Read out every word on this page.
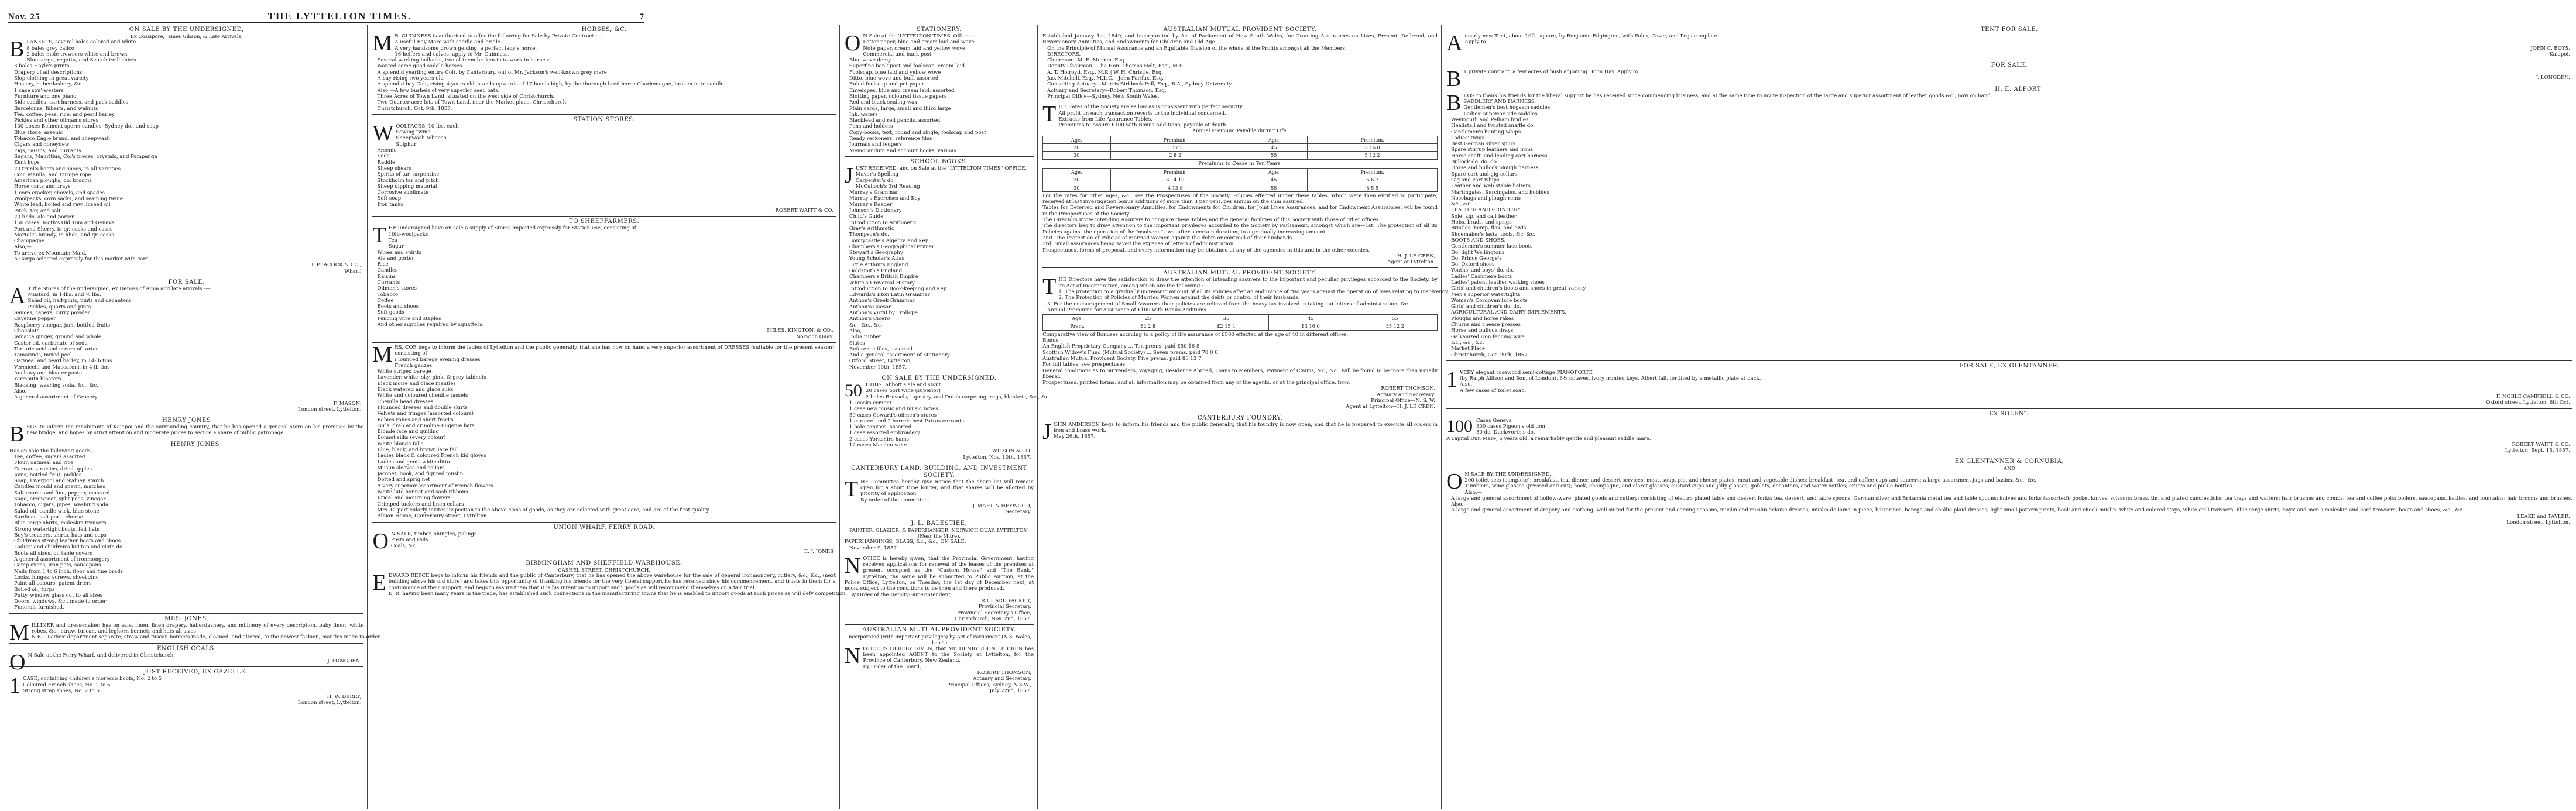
Nov. 25	THE LYTTELTON TIMES.	7
ON SALE BY THE UNDERSIGNED,
Ex Cossipore, James Gibson, & Late Arrivals.
B LANKETS, several bales colored and white
8 bales grey calico
2 bales mole trowsers white and brown
Blue serge, regatta, and Scotch twill shirts
3 bales Hoyle's prints
Drapery of all descriptions
Slop clothing in great variety
Hosiery, haberdashery, &c.
1 case sou'-westers
Furniture and one piano
Side saddles, cart harness, and pack saddles
Barcelonas, filberts, and walnuts
Tea, coffee, peas, rice, and pearl barley
Pickles and other oilman's stores
100 boxes Belmont sperm candles, Sydney do., and soap
Blue stone, arsenic
Tobacco Eagle brand, and sheepwash
Cigars and honeydew
Figs, raisins, and currants
Sugars, Mauritius, Co.'s pieces, crystals, and Pampanga
Kent hops
20 trunks boots and shoes, in all varieties
Coir, Manila, and Europe rope
American ploughs, do. brooms
Horse carts and drays
1 corn cracker, shovels, and spades
Woolpacks, corn sacks, and seaming twine
White lead, boiled and raw linseed oil
Pitch, tar, and salt
20 hhds. ale and porter
150 cases Booth's Old Tom and Geneva
Port and Sherry, in qr.-casks and cases
Martell's brandy, in hhds. and qr. casks
Champagne
Also,—
To arrive ex Mountain Maid.
A Cargo selected expressly for this market with care.
J. T. PEACOCK & CO.,
Wharf.
FOR SALE,
A T the Stores of the undersigned, ex Heroes of Alma and late arrivals :—
Mustard, in 1-lbs. and ½ lbs.
Salad oil, half-pints, pints and decanters
Pickles, quarts and pints
Sauces, capers, curry powder
Cayenne pepper
Raspberry vinegar, jam, bottled fruits
Chocolate
Jamaica ginger, ground and whole
Castor oil, carbonate of soda
Tartaric acid and cream of tartar
Tamarinds, mixed peel
Oatmeal and pearl barley, in 14-lb tins
Vermicelli and Maccaroni, in 4-lb tins
Anchovy and bloater paste
Yarmouth bloaters
Blacking, washing soda, &c., &c.
Also,
A general assortment of Grocery.
F. MASON.
London street, Lyttelton.
HENRY JONES
B EGS to inform the inhabitants of Kaiapoi and the surrounding country, that he has opened a general store on his premises by the new bridge, and hopes by strict attention and moderate prices to secure a share of public patronage.
HENRY JONES
Has on sale the following goods,—
Tea, coffee, sugars assorted
Flour, oatmeal and rice
Currants, raisins, dried apples
Jams, bottled fruit, pickles
Soap, Liverpool and Sydney, starch
Candles mould and sperm, matches
Salt coarse and fine, pepper, mustard
Sago, arrowroot, split peas, vinegar
Tobacco, cigars, pipes, washing soda
Salad oil, candle wick, blue stone
Sardines, salt pork, cheese
Blue serge shirts, moleskin trousers
Strong watertight boots, felt hats
Boy's trousers, shirts, hats and caps
Children's strong leather boots and shoes
Ladies' and children's kid top and cloth do.
Boots all sizes, oil table covers
A general assortment of ironmongery
Camp ovens, iron pots, saucepans
Nails from 1 to 6 inch, floor and fine brads
Locks, hinges, screws, sheet zinc
Paint all colours, patent driers
Boiled oil, turps
Putty, window glass cut to all sizes
Doors, windows, &c., made to order
Funerals furnished.
MRS. JONES,
M ILLINER and dress-maker, has on sale, linen, linen drapery, haberdashery, and millinery of every description, baby linen, white robes, &c., straw, tuscan, and leghorn bonnets and hats all sizes
N.B.—Ladies' department separate; straw and tuscan bonnets made, cleaned, and altered, to the newest fashion, mantles made to order.
ENGLISH COALS.
O N Sale at the Ferry Wharf, and delivered in Christchurch.
J. LONGDEN.
JUST RECEIVED, EX GAZELLE.
1 CASE, containing children's morocco boots, No. 2 to 5
Coloured French shoes, No. 2 to 6
Strong strap shoes, No. 2 to 6.
H. W. DERRY,
London street, Lyttelton.
HORSES, &C.
M R. GUINNESS is authorised to offer the following for Sale by Private Contract :—
A useful Bay Mare with saddle and bridle.
A very handsome brown gelding, a perfect lady's horse.
16 heifers and calves, apply to Mr. Guinness.
Several working bullocks, two of them broken-in to work in harness.
Wanted some good saddle horses.
A splendid yearling entire Colt, by Canterbury, out of Mr. Jackson's well-known grey mare
A bay rising two years old
A splendid bay Colt, rising 4 years old, stands upwards of 17 hands high, by the thorough bred horse Charlemagne, broken in to saddle
Also,—A few bushels of very superior seed oats.
Three Acres of Town Land, situated on the west side of Christchurch.
Two Quarter-acre lots of Town Land, near the Market-place, Christchurch.
Christchurch, Oct. 9th, 1857.
STATION STORES.
W OOLPACKS, 10 lbs. each
Sewing twine
Sheepwash tobacco
Sulphur
Arsenic
Soda
Raddle
Sheep shears
Spirits of tar, turpentine
Stockholm tar and pitch
Sheep dipping material
Corrosive sublimate
Soft soap
Iron tanks
ROBERT WAITT & CO.
TO SHEEPFARMERS.
T HE undersigned have on sale a supply of Stores imported expressly for Station use, consisting of
10lb-woolpacks
Tea
Sugar
Wines and spirits
Ale and porter
Rice
Candles
Raisins
Currants
Oilmen's stores
Tobacco
Coffee
Boots and shoes
Soft goods
Fencing wire and staples
And other supplies required by squatters.
MILES, KINGTON, & CO.,
Norwich Quay.
M RS. COE begs to inform the ladies of Lyttelton and the public generally, that she has now on hand a very superior assortment of DRESSES (suitable for the present season); consisting of
Flounced barege evening dresses
French gauzes
White striped barege
Lavender, white, sky, pink, & grey tabinets
Black moire and glace mantles
Black watered and glace silks
White and coloured chenille tassels
Chenille head dresses
Flounced dresses and double skirts
Velvets and fringes (assorted colours)
Babies robes and short frocks
Girls' drab and crinoline Eugenie hats
Blonde lace and quilling
Bonnet silks (every colour)
White blonde falls
Blue, black, and brown lace fall
Ladies black & coloured French kid gloves
Ladies and gents white ditto
Muslin sleeves and collars
Jaconet, book, and figured muslin
Dotted and sprig net
A very superior assortment of French flowers
White lute bonnet and sash ribbons
Bridal and mourning flowers
Crimped tuckers and linen collars
Mrs. C. particularly invites inspection to the above class of goods, as they are selected with great care, and are of the first quality.
Albion House, Canterbury-street, Lyttelton.
UNION WHARF, FERRY ROAD.
O N SALE, timber, shingles, palings
Posts and rails.
Coals, &c.
E. J. JONES
BIRMINGHAM AND SHEFFIELD WAREHOUSE.
CASHEL STREET, CHRISTCHURCH.
E DWARD REECE begs to inform his friends and the public of Canterbury, that he has opened the above warehouse for the sale of general ironmongery, cutlery, &c., &c., (next building above his old store) and takes this opportunity of thanking his friends for the very liberal support he has received since his commencement, and trusts in them for a continuance of their support; and begs to assure them that it is his intention to import such goods as will recommend themselves on a fair trial.
E. R. having been many years in the trade, has established such connections in the manufacturing towns that he is enabled to import goods at such prices as will defy competition.
STATIONERY.
O N Sale at the 'LYTTELTON TIMES' Office:—
Letter paper, blue and cream laid and wove
Note paper, cream laid and yellow wove
Commercial and bank post
Blue wove demy
Superfine bank post and foolscap, cream laid
Foolscap, blue laid and yellow wove
Ditto, blue wove and buff, assorted
Ruled foolscap and pot paper
Envelopes, blue and cream laid, assorted
Blotting paper, coloured tissue papers
Red and black sealing-wax
Plain cards, large, small and third large
Ink, wafers
Blacklead and red pencils, assorted
Pens and holders
Copy-books, text, round and single, foolscap and post
Ready reckoners, reference files
Journals and ledgers
Memorandum and account books, various
SCHOOL BOOKS.
J UST RECEIVED, and on Sale at the "LYTTELTON TIMES" OFFICE.
Mavor's Spelling
Carpenter's do.
McCulloch's 3rd Reading
Murray's Grammar
Murray's Exercises and Key
Murray's Reader
Johnson's Dictionary
Child's Guide
Introduction to Arithmetic
Gray's Arithmetic
Thompson's do.
Bonnycastle's Algebra and Key
Chambers's Geographical Primer
Stewart's Geography
Young Scholar's Atlas
Little Arthur's England
Goldsmith's England
Chambers's British Empire
White's Universal History
Introduction to Book-keeping and Key
Edwards's Eton Latin Grammar
Anthon's Greek Grammar
Anthon's Caesar
Anthon's Virgil by Trollope
Anthon's Cicero
&c., &c., &c.
Also,
India rubber
Slates
Reference files, assorted
And a general assortment of Stationery.
Oxford Street, Lyttelton,
November 10th, 1857.
ON SALE BY THE UNDERSIGNED.
50 HHDS. Abbott's ale and stout
20 cases port wine (superior)
2 bales Brussels, tapestry, and Dutch carpeting, rugs, blankets, &c., &c.
10 casks cement
1 case new music and music boxes
50 cases Coward's oilmen's stores
1 caroteel and 2 barrels best Patras currants
1 bale canvass, assorted
1 case assorted embroidery
2 cases Yorkshire hams
12 cases Masdeu wine
WILSON & CO.
Lyttelton, Nov. 10th, 1857.
CANTERBURY LAND, BUILDING, AND INVESTMENT SOCIETY.
T HE Committee hereby give notice that the share list will remain open for a short time longer, and that shares will be allotted by priority of application.
By order of the committee,
J. MARTIN HEYWOOD,
Secretary.
J. L. BALESTIEE,
PAINTER, GLAZIER, & PAPERHANGER, NORWICH QUAY, LYTTELTON, (Near the Mitre).
PAPERHANGINGS, GLASS, &c., &c., ON SALE.
November 9, 1857.
N OTICE is hereby given, that the Provincial Government, having received applications for renewal of the leases of the premises at present occupied as the "Custom House" and "The Bank," Lyttelton, the same will be submitted to Public Auction, at the Police Office, Lyttelton, on Tuesday, the 1st day of December next, at noon, subject to the conditions to be then and there produced.
By Order of the Deputy-Superintendent,
RICHARD PACKER,
Provincial Secretary.
Provincial Secretary's Office,
Christchurch, Nov. 2nd, 1857.
AUSTRALIAN MUTUAL PROVIDENT SOCIETY.
Incorporated (with important privileges) by Act of Parliament (N.S. Wales, 1857.)
N OTICE IS HEREBY GIVEN, that Mr. HENRY JOHN LE CREN has been appointed AGENT to the Society at Lyttelton, for the Province of Canterbury, New Zealand.
By Order of the Board,
ROBERT THOMSON,
Actuary and Secretary.
Principal Offices, Sydney, N.S.W.,
July 22nd, 1857.
AUSTRALIAN MUTUAL PROVIDENT SOCIETY.
Established January 1st, 1849, and Incorporated by Act of Parliament of New South Wales, for Granting Assurances on Lives, Present, Deferred, and Reversionary Annuities, and Endowments for Children and Old Age.
On the Principle of Mutual Assurance and an Equitable Division of the whole of the Profits amongst all the Members.
DIRECTORS.
Chairman—M. E. Murnin, Esq.
Deputy Chairman—The Hon. Thomas Holt, Esq., M.P.
A. T. Holroyd, Esq., M.P. | W. H. Christie, Esq.
Jas. Mitchell, Esq., M.L.C. | John Fairfax, Esq.
Consulting Actuary—Morris Birkbeck Pell, Esq., B.A., Sydney University.
Actuary and Secretary—Robert Thomson, Esq.
Principal Office—Sydney, New South Wales.
T HE Rates of the Society are as low as is consistent with perfect security.
All profit on each transaction reverts to the individual concerned.
Extracts from Life Assurance Tables.
Premiums to Assure £100 with Bonus Additions, payable at death.
Annual Premium Payable during Life.
Age.	Premium.	Age.	Premium.
20	1 17 5	45	3 16 0
30	2 8 2	55	5 12 2
Premiums to Cease in Ten Years.
Age.	Premium.	Age.	Premium.
20	3 14 10	45	6 6 7
30	4 13 8	55	8 5 5
For the rates for other ages, &c., see the Prospectuses of the Society. Policies effected under these tables, which were then entitled to participate, received at last investigation bonus additions of more than 3 per cent. per annum on the sum assured.
Tables for Deferred and Reversionary Annuities, for Endowments for Children, for Joint Lives Assurances, and for Endowment Assurances, will be found in the Prospectuses of the Society.
The Directors invite intending Assurers to compare these Tables and the general facilities of this Society with those of other offices.
The directors beg to draw attention to the important privileges accorded to the Society by Parliament, amongst which are—1st. The protection of all its Policies against the operation of the Insolvent Laws, after a certain duration, to a gradually increasing amount.
2nd. The Protection of Policies of Married Women against the debts or controul of their husbands.
3rd. Small assurances being saved the expense of letters of administration.
Prospectuses, forms of proposal, and every information may be obtained at any of the agencies in this and in the other colonies.
H. J. LE CREN,
Agent at Lyttelton.
AUSTRALIAN MUTUAL PROVIDENT SOCIETY.
T HE Directors have the satisfaction to draw the attention of intending assurers to the important and peculiar privileges accorded to the Society, by its Act of Incorporation, among which are the following :—
1. The protection to a gradually increasing amount of all its Policies after an endurance of two years against the operation of laws relating to Insolvency.
2. The Protection of Policies of Married Women against the debts or control of their husbands.
3. For the encouragement of Small Assurers their policies are relieved from the heavy tax involved in taking out letters of administration, &c.
Annual Premiums for Assurance of £100 with Bonus Additions.
Age.	25	35	45	55
Prem.	£2 2 8	£2 15 4	£3 16 0	£5 12 2
Comparative view of Bonuses accruing to a policy of life assurance of £500 effected at the age of 40 in different offices.
Bonus.
An English Proprietary Company ... Ten prems. paid £50 16 8
Scottish Widow's Fund (Mutual Society) ... Seven prems. paid 70 0 0
Australian Mutual Provident Society. Five prems. paid 80 13 7
For full tables, see prospectuses.
General conditions as to Surrenders, Voyaging, Residence Abroad, Loans to Members, Payment of Claims, &c., &c., will be found to be more than usually liberal.
Prospectuses, printed forms, and all information may be obtained from any of the agents, or at the principal office, from
ROBERT THOMSON,
Actuary and Secretary.
Principal Office—N. S. W.
Agent at Lyttelton—H. J. LE CREN.
CANTERBURY FOUNDRY.
J OHN ANDERSON begs to inform his friends and the public generally, that his foundry is now open, and that he is prepared to execute all orders in iron and brass work.
May 26th, 1857.
TENT FOR SALE.
A nearly new Tent, about 10ft. square, by Benjamin Edgington, with Poles, Cover, and Pegs complete.
Apply to
JOHN C. BOYS,
Kaiapoi.
FOR SALE.
B Y private contract, a few acres of bush adjoining Hoon Hay. Apply to
J. LONGDEN.
H. E. ALPORT
B EGS to thank his friends for the liberal support he has received since commencing business, and at the same time to invite inspection of the large and superior assortment of leather goods &c., now on hand.
SADDLERY AND HARNESS.
Gentlemen's best hogskin saddles
Ladies' superior side saddles
Weymouth and Pelham bridles
Headstall and twisted snaffle do.
Gentlemen's hunting whips
Ladies' twigs
Best German silver spurs
Spare stirrup leathers and irons
Horse shaft, and leading cart harness
Bullock do. do. do.
Horse and bullock plough harness
Spare cart and gig collars
Gig and cart whips
Leather and web stable halters
Martingales, Surcingales, and hobbles
Nosebags and plough reins
&c., &c.
LEATHER AND GRINDERY.
Sole, kip, and calf leather
Hobs, brads, and sprigs
Bristles, hemp, flax, and awls
Shoemaker's lasts, tools, &c. &c.
BOOTS AND SHOES.
Gentlemen's summer lace boots
Do. light Wellingtons
Do. Prince George's
Do. Oxford shoes
Youths' and boys' do. do.
Ladies' Cashmere boots
Ladies' patent leather walking shoes
Girls' and children's boots and shoes in great variety
Men's superior watertights
Women's Cordovan lace boots
Girls' and children's do. do.
AGRICULTURAL AND DAIRY IMPLEMENTS.
Ploughs and horse rakes
Churns and cheese presses
Horse and bullock drays
Galvanized iron fencing wire
&c., &c., &c.
Market Place,
Christchurch, Oct. 20th, 1857.
FOR SALE, EX GLENTANNER.
1 VERY elegant rosewood semi-cottage PIANOFORTE
(by Ralph Allison and Son, of London), 6¾ octaves, ivory fronted keys, Albert fall, fortified by a metallic plate at back.
Also,
A few cases of toilet soap.
F. NOBLE CAMPBELL & CO.
Oxford street, Lyttelton, 6th Oct.
EX SOLENT.
100 Cases Geneva
300 cases Pigeon's old tom
50 do. Duckworth's do.
A capital Dun Mare, 6 years old, a remarkably gentle and pleasant saddle mare.
ROBERT WAITT & CO.
Lyttelton, Sept. 15, 1857.
EX GLENTANNER & CORNUBIA,
AND
O N SALE BY THE UNDERSIGNED.
200 toilet sets (complete); breakfast, tea, dinner, and dessert services; meat, soup, pie, and cheese plates; meat and vegetable dishes; breakfast, tea, and coffee cups and saucers; a large assortment jugs and basins, &c., &c.
Tumblers, wine glasses (pressed and cut); hock, champagne, and claret glasses; custard cups and jelly glasses; goblets, decanters, and water bottles; cruets and pickle bottles.
Also,—
A large and general assortment of hollow-ware, plated goods and cutlery; consisting of electro plated table and dessert forks; tea, dessert, and table spoons; German silver and Britannia metal tea and table spoons; knives and forks (assorted); pocket knives, scissors; brass, tin, and plated candlesticks; tea trays and waiters; hair brushes and combs; tea and coffee pots; boilers, saucepans, kettles, and fountains; hair brooms and brushes.
Also,—
A large and general assortment of drapery and clothing, well suited for the present and coming seasons, muslin and muslin-delaine dresses, muslin-de-laine in piece, balzerines, barege and challie plaid dresses, light small pattern prints, book and check muslin, white and colored stays, white drill trowsers, blue serge shirts, boys' and men's moleskin and cord trowsers, boots and shoes, &c., &c.
LEAKE and TAYLER.
London-street, Lyttelton.
